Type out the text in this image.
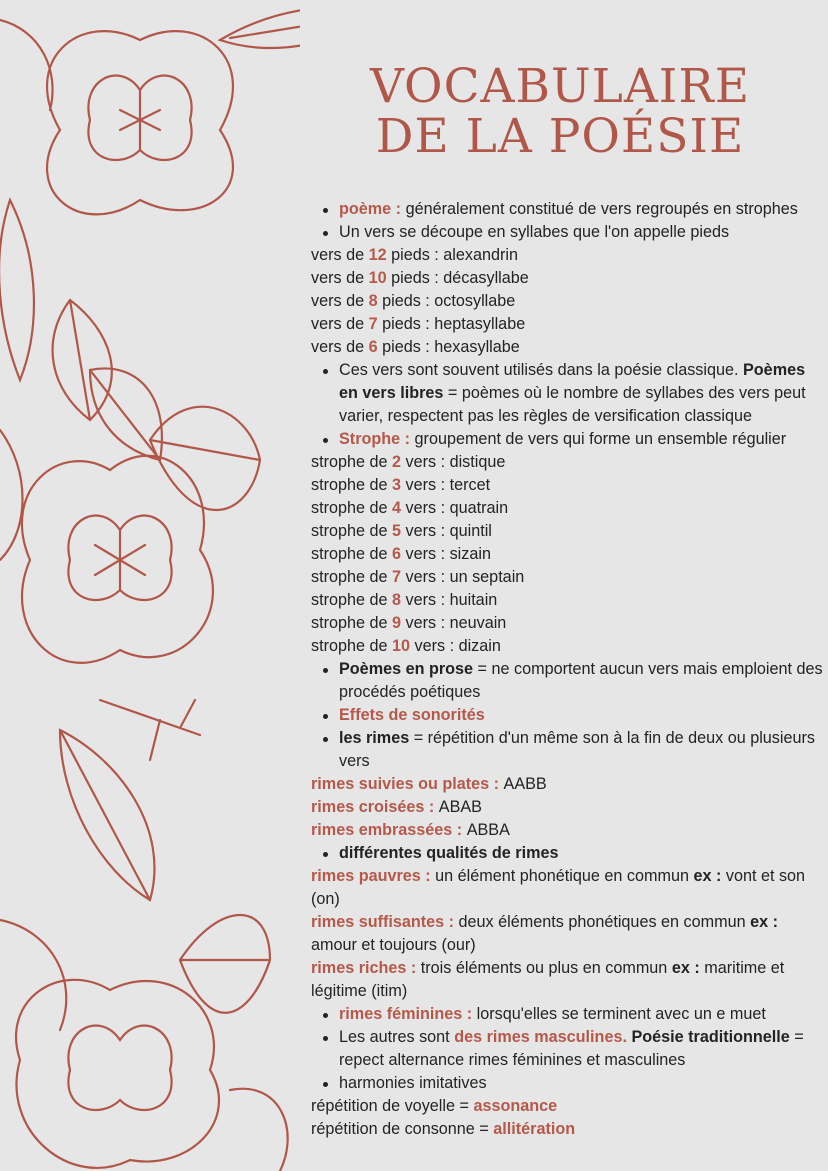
VOCABULAIRE
DE LA POÉSIE
poème : généralement constitué de vers regroupés en strophes
Un vers se découpe en syllabes que l'on appelle pieds
vers de 12 pieds : alexandrin
vers de 10 pieds : décasyllabe
vers de 8 pieds : octosyllabe
vers de 7 pieds : heptasyllabe
vers de 6 pieds : hexasyllabe
Ces vers sont souvent utilisés dans la poésie classique. Poèmes en vers libres = poèmes où le nombre de syllabes des vers peut varier, respectent pas les règles de versification classique
Strophe : groupement de vers qui forme un ensemble régulier
strophe de 2 vers : distique
strophe de 3 vers : tercet
strophe de 4 vers : quatrain
strophe de 5 vers : quintil
strophe de 6 vers : sizain
strophe de 7 vers : un septain
strophe de 8 vers : huitain
strophe de 9 vers : neuvain
strophe de 10 vers : dizain
Poèmes en prose = ne comportent aucun vers mais emploient des procédés poétiques
Effets de sonorités
les rimes = répétition d'un même son à la fin de deux ou plusieurs vers
rimes suivies ou plates : AABB
rimes croisées : ABAB
rimes embrassées : ABBA
différentes qualités de rimes
rimes pauvres : un élément phonétique en commun ex : vont et son (on)
rimes suffisantes : deux éléments phonétiques en commun ex : amour et toujours (our)
rimes riches : trois éléments ou plus en commun ex : maritime et légitime (itim)
rimes féminines : lorsqu'elles se terminent avec un e muet
Les autres sont des rimes masculines. Poésie traditionnelle = repect alternance rimes féminines et masculines
harmonies imitatives
répétition de voyelle = assonance
répétition de consonne = allitération
